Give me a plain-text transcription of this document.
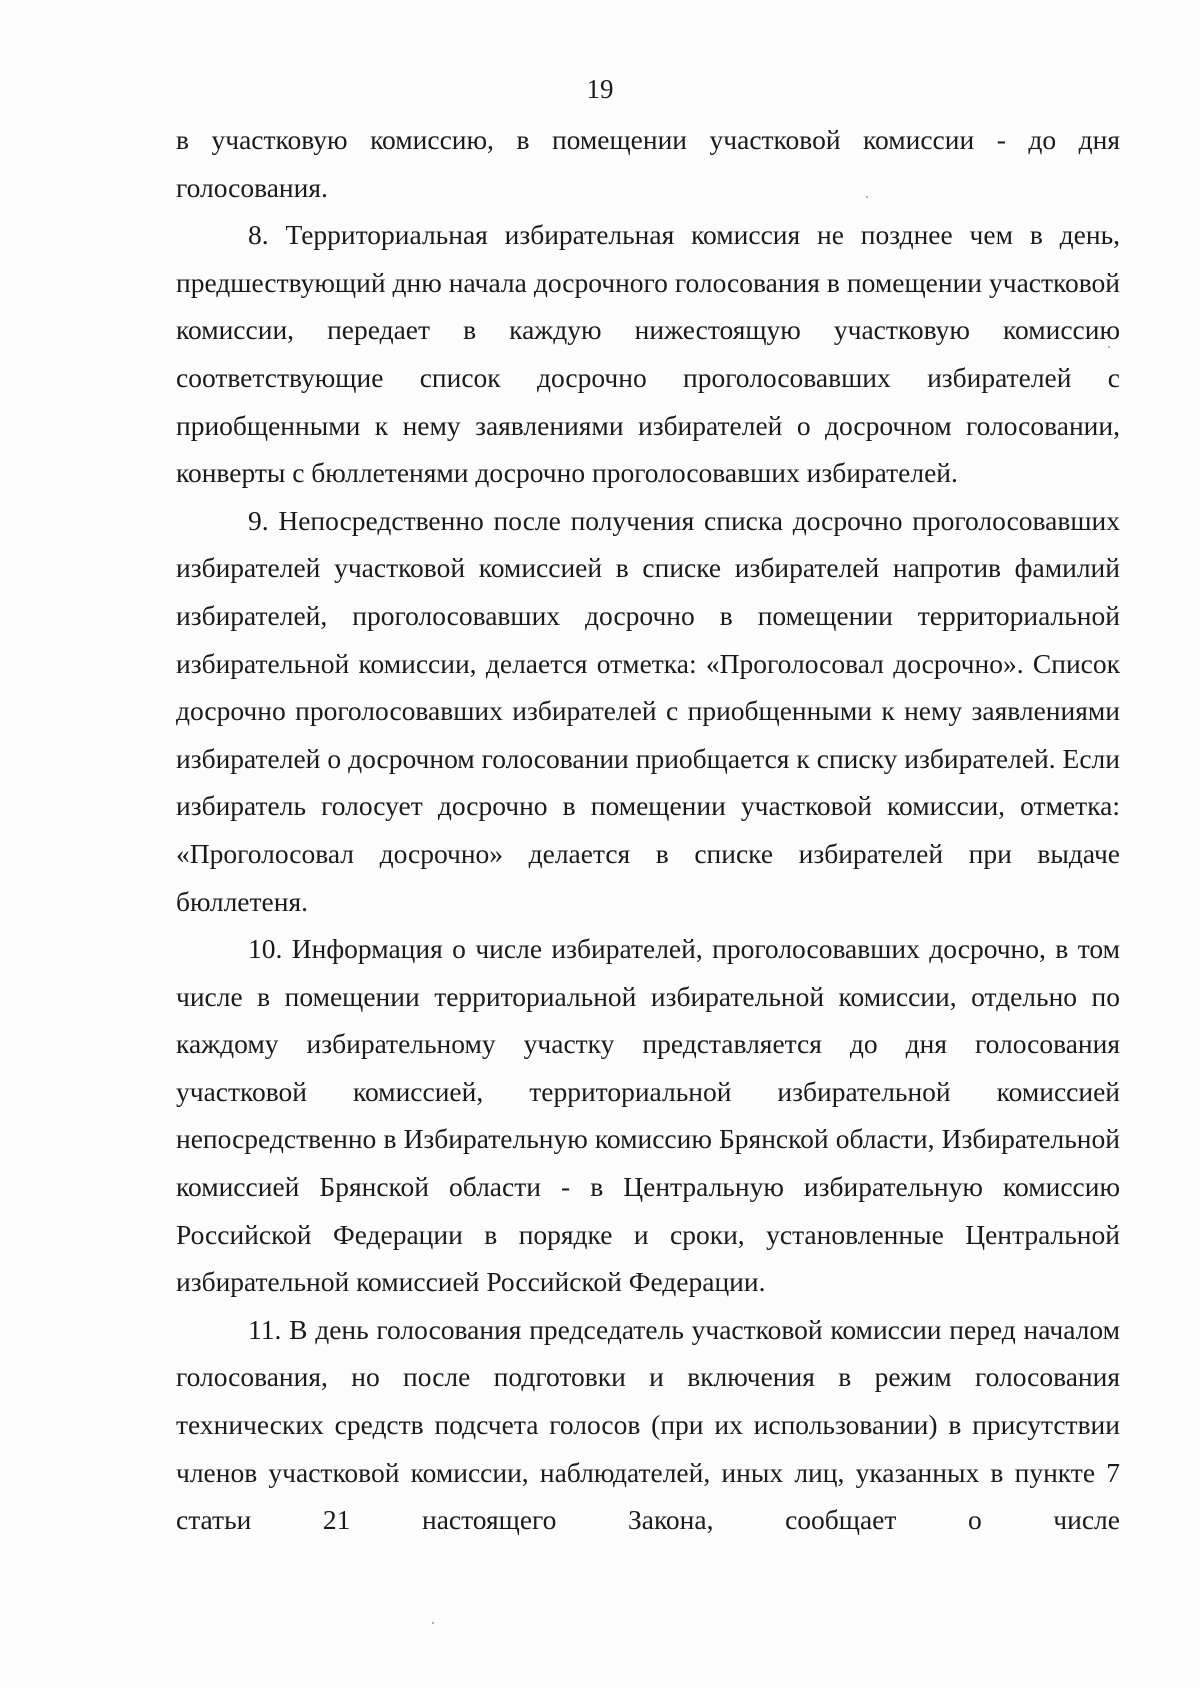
19

в участковую комиссию, в помещении участковой комиссии - до дня голосования.

8. Территориальная избирательная комиссия не позднее чем в день, предшествующий дню начала досрочного голосования в помещении участковой комиссии, передает в каждую нижестоящую участковую комиссию соответствующие список досрочно проголосовавших избирателей с приобщенными к нему заявлениями избирателей о досрочном голосовании, конверты с бюллетенями досрочно проголосовавших избирателей.

9. Непосредственно после получения списка досрочно проголосовавших избирателей участковой комиссией в списке избирателей напротив фамилий избирателей, проголосовавших досрочно в помещении территориальной избирательной комиссии, делается отметка: «Проголосовал досрочно». Список досрочно проголосовавших избирателей с приобщенными к нему заявлениями избирателей о досрочном голосовании приобщается к списку избирателей. Если избиратель голосует досрочно в помещении участковой комиссии, отметка: «Проголосовал досрочно» делается в списке избирателей при выдаче бюллетеня.

10. Информация о числе избирателей, проголосовавших досрочно, в том числе в помещении территориальной избирательной комиссии, отдельно по каждому избирательному участку представляется до дня голосования участковой комиссией, территориальной избирательной комиссией непосредственно в Избирательную комиссию Брянской области, Избирательной комиссией Брянской области - в Центральную избирательную комиссию Российской Федерации в порядке и сроки, установленные Центральной избирательной комиссией Российской Федерации.

11. В день голосования председатель участковой комиссии перед началом голосования, но после подготовки и включения в режим голосования технических средств подсчета голосов (при их использовании) в присутствии членов участковой комиссии, наблюдателей, иных лиц, указанных в пункте 7 статьи 21 настоящего Закона, сообщает о числе
